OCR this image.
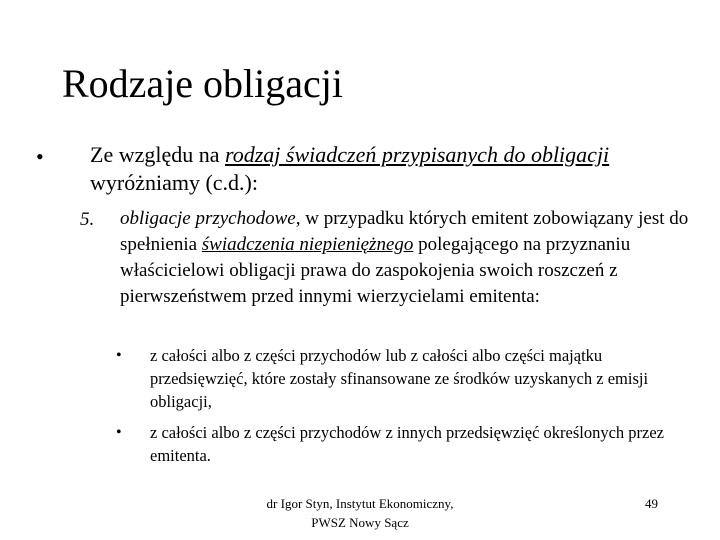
Rodzaje obligacji
• Ze względu na rodzaj świadczeń przypisanych do obligacji wyróżniamy (c.d.):
5. obligacje przychodowe, w przypadku których emitent zobowiązany jest do spełnienia świadczenia niepieniężnego polegającego na przyznaniu właścicielowi obligacji prawa do zaspokojenia swoich roszczeń z pierwszeństwem przed innymi wierzycielami emitenta:
• z całości albo z części przychodów lub z całości albo części majątku przedsięwzięć, które zostały sfinansowane ze środków uzyskanych z emisji obligacji,
• z całości albo z części przychodów z innych przedsięwzięć określonych przez emitenta.
dr Igor Styn, Instytut Ekonomiczny,
PWSZ Nowy Sącz
49
